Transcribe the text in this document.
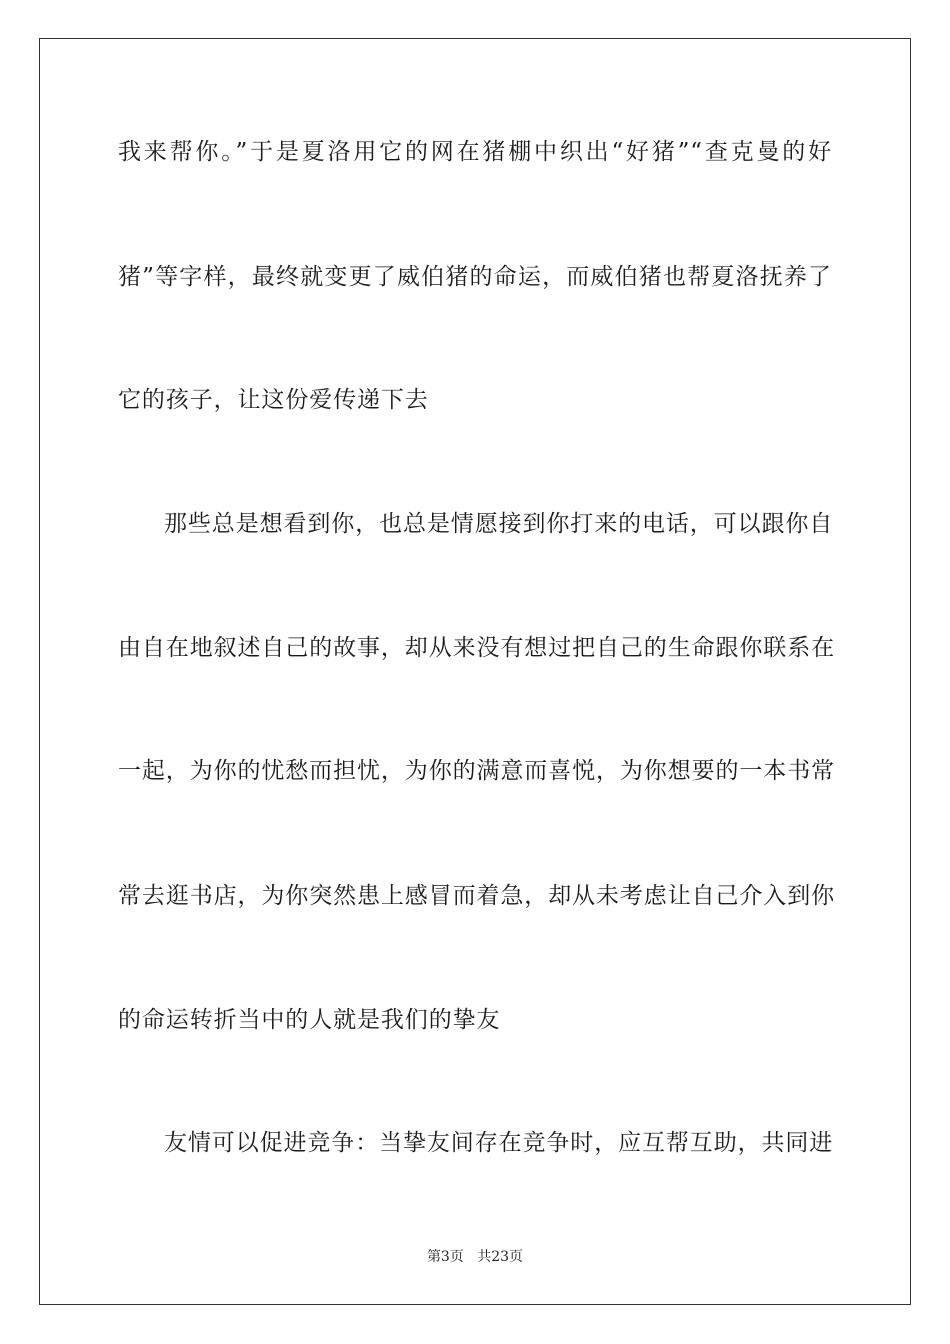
我来帮你。”于是夏洛用它的网在猪棚中织出“好猪”“查克曼的好
猪”等字样，最终就变更了威伯猪的命运，而威伯猪也帮夏洛抚养了
它的孩子，让这份爱传递下去
那些总是想看到你，也总是情愿接到你打来的电话，可以跟你自
由自在地叙述自己的故事，却从来没有想过把自己的生命跟你联系在
一起，为你的忧愁而担忧，为你的满意而喜悦，为你想要的一本书常
常去逛书店，为你突然患上感冒而着急，却从未考虑让自己介入到你
的命运转折当中的人就是我们的挚友
友情可以促进竞争：当挚友间存在竞争时，应互帮互助，共同进
第3页 共23页
